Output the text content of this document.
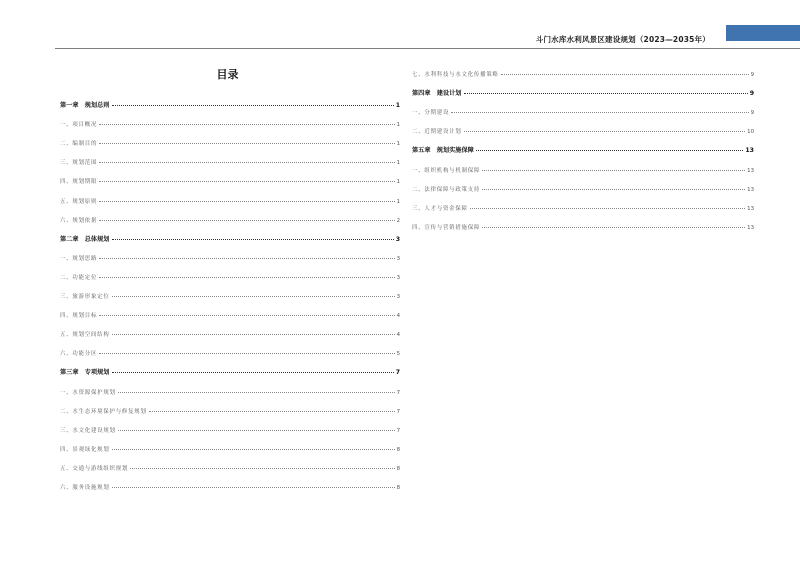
斗门水库水利风景区建设规划（2023—2035年）
目录
第一章　规划总则	1
一、项目概况	1
二、编制目的	1
三、规划范围	1
四、规划期限	1
五、规划原则	1
六、规划依据	2
第二章　总体规划	3
一、规划思路	3
二、功能定位	3
三、旅游形象定位	3
四、规划目标	4
五、规划空间结构	4
六、功能分区	5
第三章　专项规划	7
一、水资源保护规划	7
二、水生态环境保护与修复规划	7
三、水文化建设规划	7
四、景观绿化规划	8
五、交通与游线组织规划	8
六、服务设施规划	8
七、水利科技与水文化传播策略	9
第四章　建设计划	9
一、分期建设	9
二、近期建设计划	10
第五章　规划实施保障	13
一、组织机构与机制保障	13
二、法律保障与政策支持	13
三、人才与资金保障	13
四、宣传与营销措施保障	13
